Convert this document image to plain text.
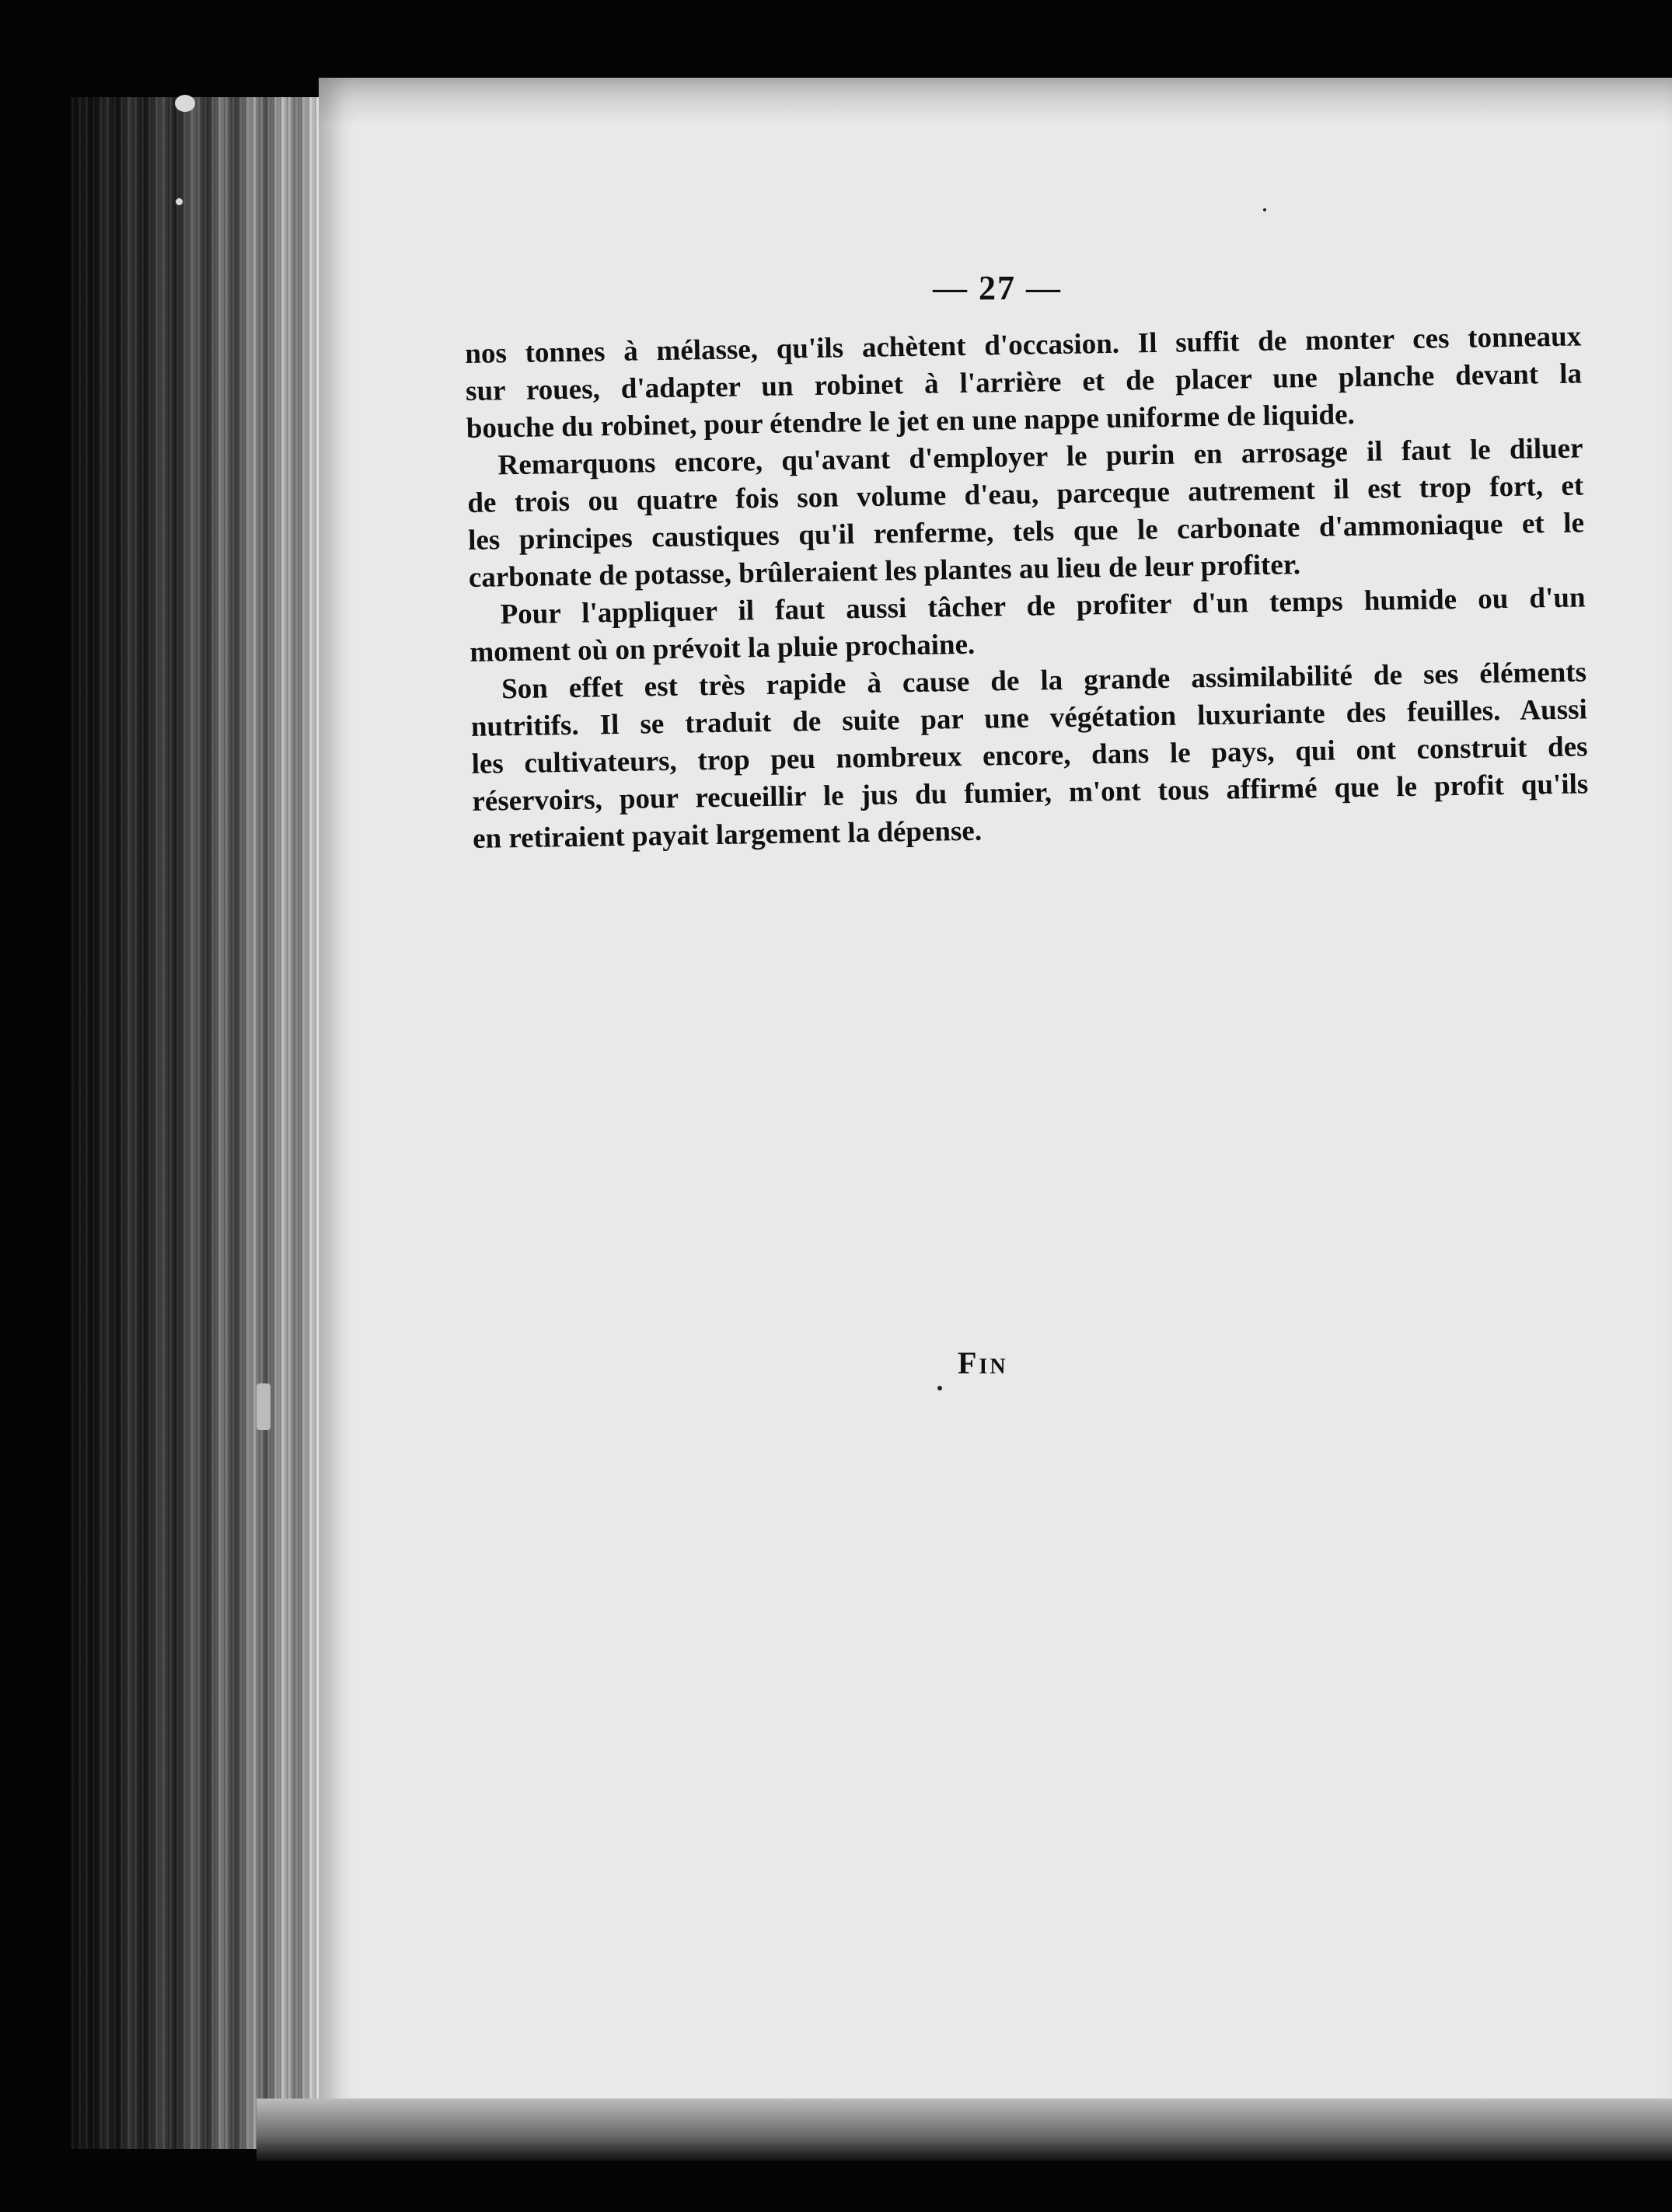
— 27 —
nos tonnes à mélasse, qu'ils achètent d'occasion. Il suffit de monter ces tonneaux
sur roues, d'adapter un robinet à l'arrière et de placer une planche devant la
bouche du robinet, pour étendre le jet en une nappe uniforme de liquide.
Remarquons encore, qu'avant d'employer le purin en arrosage il faut le diluer
de trois ou quatre fois son volume d'eau, parceque autrement il est trop fort, et
les principes caustiques qu'il renferme, tels que le carbonate d'ammoniaque et le
carbonate de potasse, brûleraient les plantes au lieu de leur profiter.
Pour l'appliquer il faut aussi tâcher de profiter d'un temps humide ou d'un
moment où on prévoit la pluie prochaine.
Son effet est très rapide à cause de la grande assimilabilité de ses éléments
nutritifs. Il se traduit de suite par une végétation luxuriante des feuilles. Aussi
les cultivateurs, trop peu nombreux encore, dans le pays, qui ont construit des
réservoirs, pour recueillir le jus du fumier, m'ont tous affirmé que le profit qu'ils
en retiraient payait largement la dépense.
Fin
